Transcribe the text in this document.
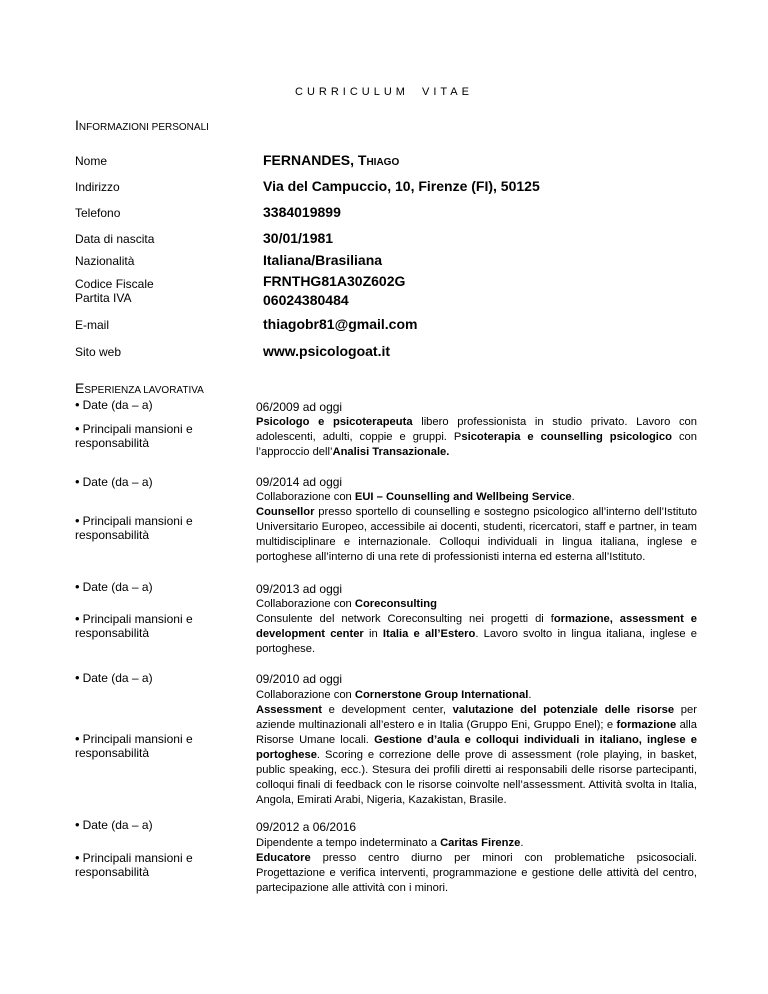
CURRICULUM VITAE
INFORMAZIONI PERSONALI
Nome	FERNANDES, THIAGO
Indirizzo	Via del Campuccio, 10, Firenze (FI), 50125
Telefono	3384019899
Data di nascita	30/01/1981
Nazionalità	Italiana/Brasiliana
Codice Fiscale	FRNTHG81A30Z602G
Partita IVA	06024380484
E-mail	thiagobr81@gmail.com
Sito web	www.psicologoat.it
ESPERIENZA LAVORATIVA
• Date (da – a)	06/2009 ad oggi
• Principali mansioni e responsabilità
Psicologo e psicoterapeuta libero professionista in studio privato. Lavoro con adolescenti, adulti, coppie e gruppi. Psicoterapia e counselling psicologico con l’approccio dell’Analisi Transazionale.
• Date (da – a)	09/2014 ad oggi
• Principali mansioni e responsabilità
Collaborazione con EUI – Counselling and Wellbeing Service.
Counsellor presso sportello di counselling e sostegno psicologico all’interno dell’Istituto Universitario Europeo, accessibile ai docenti, studenti, ricercatori, staff e partner, in team multidisciplinare e internazionale. Colloqui individuali in lingua italiana, inglese e portoghese all’interno di una rete di professionisti interna ed esterna all’Istituto.
• Date (da – a)	09/2013 ad oggi
• Principali mansioni e responsabilità
Collaborazione con Coreconsulting
Consulente del network Coreconsulting nei progetti di formazione, assessment e development center in Italia e all’Estero. Lavoro svolto in lingua italiana, inglese e portoghese.
• Date (da – a)	09/2010 ad oggi
• Principali mansioni e responsabilità
Collaborazione con Cornerstone Group International.
Assessment e development center, valutazione del potenziale delle risorse per aziende multinazionali all’estero e in Italia (Gruppo Eni, Gruppo Enel); e formazione alla Risorse Umane locali. Gestione d’aula e colloqui individuali in italiano, inglese e portoghese. Scoring e correzione delle prove di assessment (role playing, in basket, public speaking, ecc.). Stesura dei profili diretti ai responsabili delle risorse partecipanti, colloqui finali di feedback con le risorse coinvolte nell’assessment. Attività svolta in Italia, Angola, Emirati Arabi, Nigeria, Kazakistan, Brasile.
• Date (da – a)	09/2012 a 06/2016
• Principali mansioni e responsabilità
Dipendente a tempo indeterminato a Caritas Firenze.
Educatore presso centro diurno per minori con problematiche psicosociali. Progettazione e verifica interventi, programmazione e gestione delle attività del centro, partecipazione alle attività con i minori.
